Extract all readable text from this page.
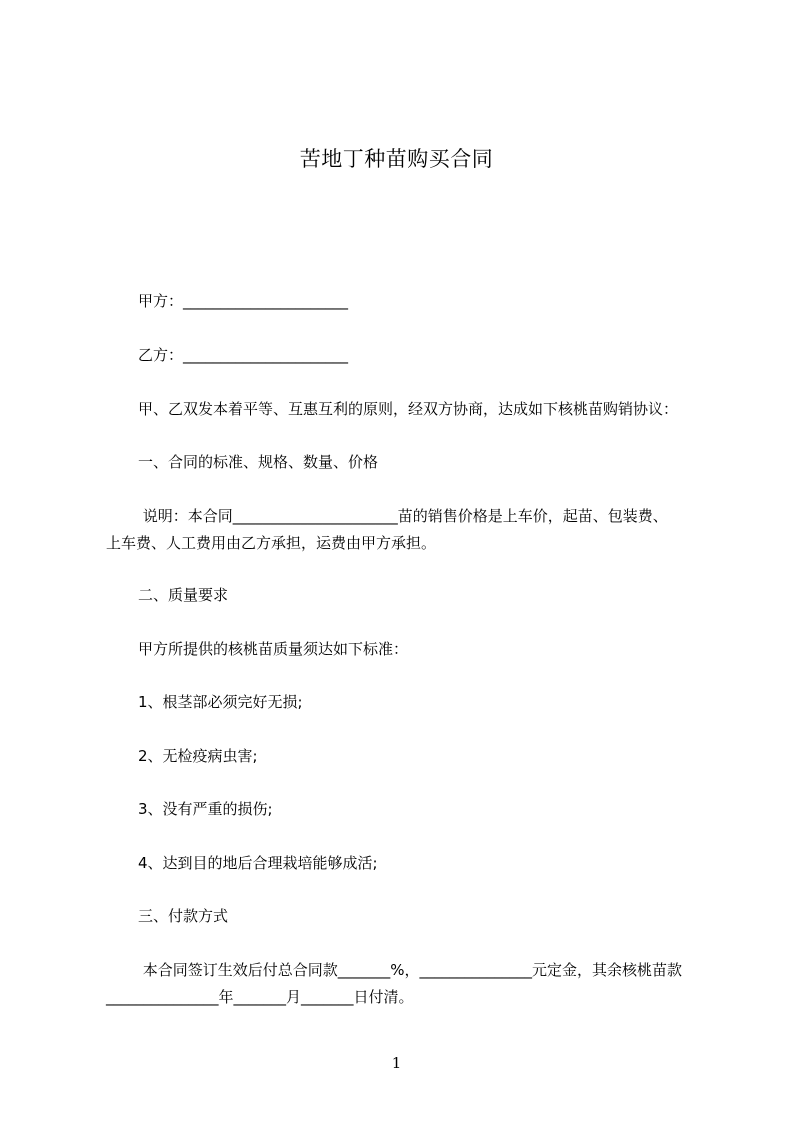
苦地丁种苗购买合同
甲方：______________________
乙方：______________________
甲、乙双发本着平等、互惠互利的原则，经双方协商，达成如下核桃苗购销协议：
一、合同的标准、规格、数量、价格
说明：本合同______________________苗的销售价格是上车价，起苗、包装费、
上车费、人工费用由乙方承担，运费由甲方承担。
二、质量要求
甲方所提供的核桃苗质量须达如下标准：
1、根茎部必须完好无损;
2、无检疫病虫害;
3、没有严重的损伤;
4、达到目的地后合理栽培能够成活;
三、付款方式
本合同签订生效后付总合同款_______%，_______________元定金，其余核桃苗款
_______________年_______月_______日付清。
1
